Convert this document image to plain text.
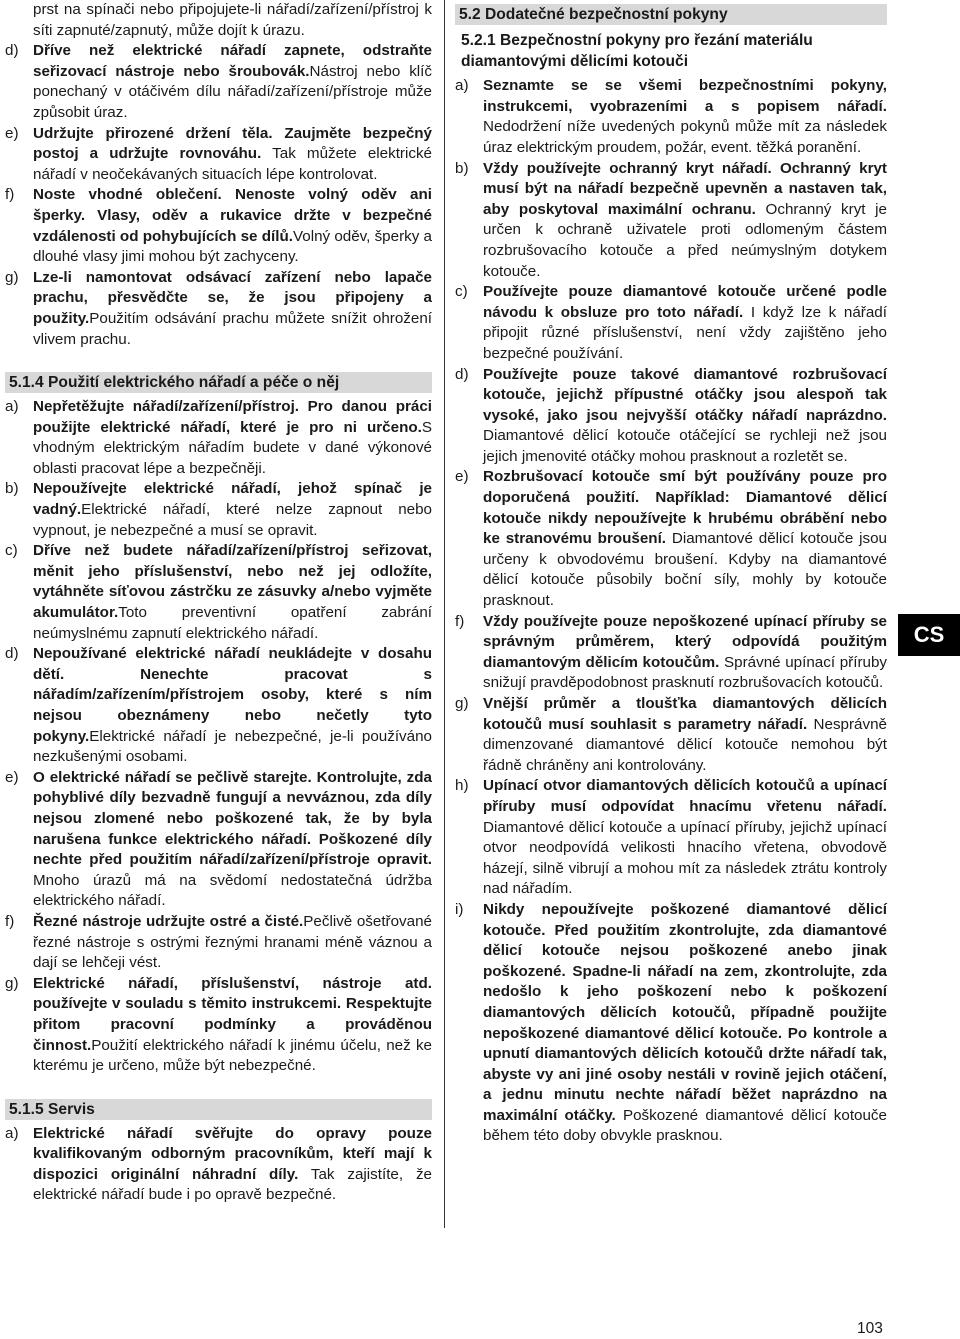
prst na spínači nebo připojujete-li nářadí/zařízení/přístroj k síti zapnuté/zapnutý, může dojít k úrazu.

d) Dříve než elektrické nářadí zapnete, odstraňte seřizovací nástroje nebo šroubovák.Nástroj nebo klíč ponechaný v otáčivém dílu nářadí/zařízení/přístroje může způsobit úraz.

e) Udržujte přirozené držení těla. Zaujměte bezpečný postoj a udržujte rovnováhu. Tak můžete elektrické nářadí v neočekávaných situacích lépe kontrolovat.

f) Noste vhodné oblečení. Nenoste volný oděv ani šperky. Vlasy, oděv a rukavice držte v bezpečné vzdálenosti od pohybujících se dílů.Volný oděv, šperky a dlouhé vlasy jimi mohou být zachyceny.

g) Lze-li namontovat odsávací zařízení nebo lapače prachu, přesvědčte se, že jsou připojeny a použity.Použitím odsávání prachu můžete snížit ohrožení vlivem prachu.

5.1.4 Použití elektrického nářadí a péče o něj

a) Nepřetěžujte nářadí/zařízení/přístroj. Pro danou práci použijte elektrické nářadí, které je pro ni určeno.S vhodným elektrickým nářadím budete v dané výkonové oblasti pracovat lépe a bezpečněji.

b) Nepoužívejte elektrické nářadí, jehož spínač je vadný.Elektrické nářadí, které nelze zapnout nebo vypnout, je nebezpečné a musí se opravit.

c) Dříve než budete nářadí/zařízení/přístroj seřizovat, měnit jeho příslušenství, nebo než jej odložíte, vytáhněte síťovou zástrčku ze zásuvky a/nebo vyjměte akumulátor.Toto preventivní opatření zabrání neúmyslnému zapnutí elektrického nářadí.

d) Nepoužívané elektrické nářadí neukládejte v dosahu dětí. Nenechte pracovat s nářadím/zařízením/přístrojem osoby, které s ním nejsou obeznámeny nebo nečetly tyto pokyny.Elektrické nářadí je nebezpečné, je-li používáno nezkušenými osobami.

e) O elektrické nářadí se pečlivě starejte. Kontrolujte, zda pohyblivé díly bezvadně fungují a nevváznou, zda díly nejsou zlomené nebo poškozené tak, že by byla narušena funkce elektrického nářadí. Poškozené díly nechte před použitím nářadí/zařízení/přístroje opravit. Mnoho úrazů má na svědomí nedostatečná údržba elektrického nářadí.

f) Řezné nástroje udržujte ostré a čisté.Pečlivě ošetřované řezné nástroje s ostrými řeznými hranami méně váznou a dají se lehčeji vést.

g) Elektrické nářadí, příslušenství, nástroje atd. používejte v souladu s těmito instrukcemi. Respektujte přitom pracovní podmínky a prováděnou činnost.Použití elektrického nářadí k jinému účelu, než ke kterému je určeno, může být nebezpečné.

5.1.5 Servis

a) Elektrické nářadí svěřujte do opravy pouze kvalifikovaným odborným pracovníkům, kteří mají k dispozici originální náhradní díly. Tak zajistíte, že elektrické nářadí bude i po opravě bezpečné.

5.2 Dodatečné bezpečnostní pokyny

5.2.1 Bezpečnostní pokyny pro řezání materiálu diamantovými dělicími kotouči

a) Seznamte se se všemi bezpečnostními pokyny, instrukcemi, vyobrazeními a s popisem nářadí. Nedodržení níže uvedených pokynů může mít za následek úraz elektrickým proudem, požár, event. těžká poranění.

b) Vždy používejte ochranný kryt nářadí. Ochranný kryt musí být na nářadí bezpečně upevněn a nastaven tak, aby poskytoval maximální ochranu. Ochranný kryt je určen k ochraně uživatele proti odlomeným částem rozbrušovacího kotouče a před neúmyslným dotykem kotouče.

c) Používejte pouze diamantové kotouče určené podle návodu k obsluze pro toto nářadí. I když lze k nářadí připojit různé příslušenství, není vždy zajištěno jeho bezpečné používání.

d) Používejte pouze takové diamantové rozbrušovací kotouče, jejichž přípustné otáčky jsou alespoň tak vysoké, jako jsou nejvyšší otáčky nářadí naprázdno. Diamantové dělicí kotouče otáčející se rychleji než jsou jejich jmenovité otáčky mohou prasknout a rozletět se.

e) Rozbrušovací kotouče smí být používány pouze pro doporučená použití. Například: Diamantové dělicí kotouče nikdy nepoužívejte k hrubému obrábění nebo ke stranovému broušení. Diamantové dělicí kotouče jsou určeny k obvodovému broušení. Kdyby na diamantové dělicí kotouče působily boční síly, mohly by kotouče prasknout.

f) Vždy používejte pouze nepoškozené upínací příruby se správným průměrem, který odpovídá použitým diamantovým dělicím kotoučům. Správné upínací příruby snižují pravděpodobnost prasknutí rozbrušovacích kotoučů.

g) Vnější průměr a tloušťka diamantových dělicích kotoučů musí souhlasit s parametry nářadí. Nesprávně dimenzované diamantové dělicí kotouče nemohou být řádně chráněny ani kontrolovány.

h) Upínací otvor diamantových dělicích kotoučů a upínací příruby musí odpovídat hnacímu vřetenu nářadí. Diamantové dělicí kotouče a upínací příruby, jejichž upínací otvor neodpovídá velikosti hnacího vřetena, obvodově házejí, silně vibrují a mohou mít za následek ztrátu kontroly nad nářadím.

i) Nikdy nepoužívejte poškozené diamantové dělicí kotouče. Před použitím zkontrolujte, zda diamantové dělicí kotouče nejsou poškozené anebo jinak poškozené. Spadne-li nářadí na zem, zkontrolujte, zda nedošlo k jeho poškození nebo k poškození diamantových dělicích kotoučů, případně použijte nepoškozené diamantové dělicí kotouče. Po kontrole a upnutí diamantových dělicích kotoučů držte nářadí tak, abyste vy ani jiné osoby nestáli v rovině jejich otáčení, a jednu minutu nechte nářadí běžet naprázdno na maximální otáčky. Poškozené diamantové dělicí kotouče během této doby obvykle prasknou.

CS
103
